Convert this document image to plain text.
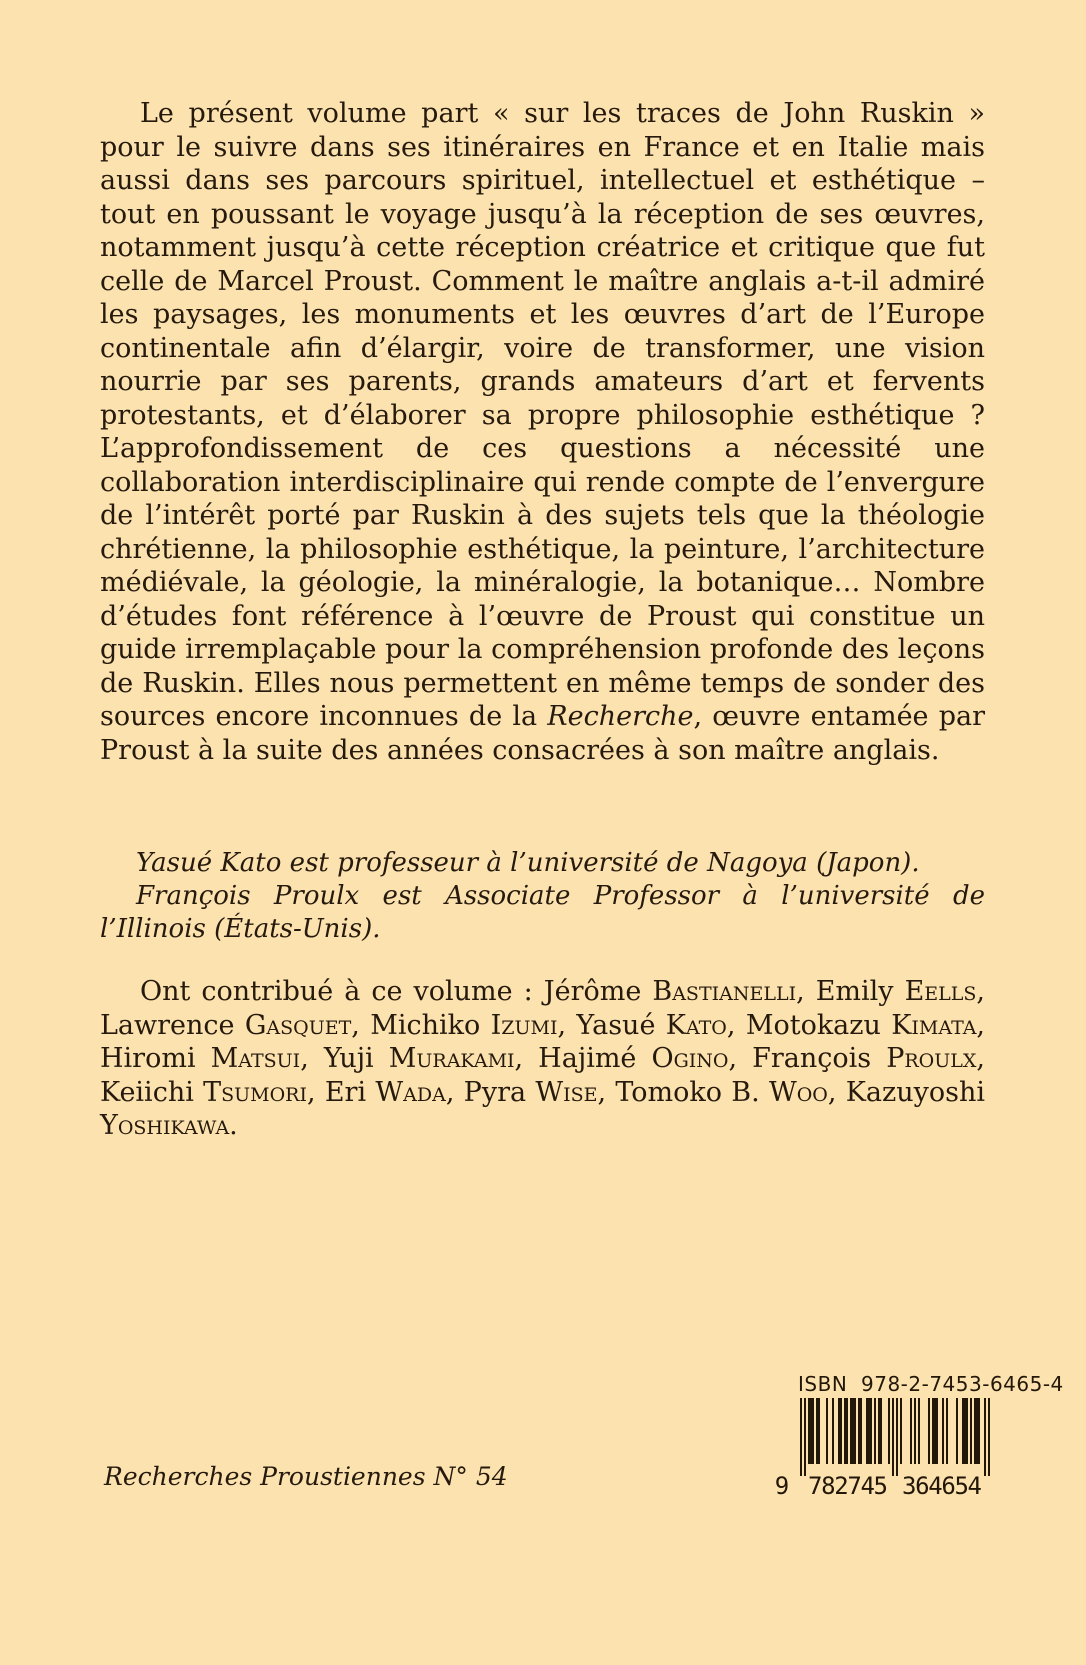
Le présent volume part « sur les traces de John Ruskin » pour le suivre dans ses itinéraires en France et en Italie mais aussi dans ses parcours spirituel, intellectuel et esthétique – tout en poussant le voyage jusqu’à la réception de ses œuvres, notamment jusqu’à cette réception créatrice et critique que fut celle de Marcel Proust. Comment le maître anglais a-t-il admiré les paysages, les monuments et les œuvres d’art de l’Europe continentale afin d’élargir, voire de transformer, une vision nourrie par ses parents, grands amateurs d’art et fervents protestants, et d’élaborer sa propre philosophie esthétique ? L’approfondissement de ces questions a nécessité une collaboration interdisciplinaire qui rende compte de l’envergure de l’intérêt porté par Ruskin à des sujets tels que la théologie chrétienne, la philosophie esthétique, la peinture, l’architecture médiévale, la géologie, la minéralogie, la botanique… Nombre d’études font référence à l’œuvre de Proust qui constitue un guide irremplaçable pour la compréhension profonde des leçons de Ruskin. Elles nous permettent en même temps de sonder des sources encore inconnues de la Recherche, œuvre entamée par Proust à la suite des années consacrées à son maître anglais.

Yasué Kato est professeur à l’université de Nagoya (Japon).

François Proulx est Associate Professor à l’université de l’Illinois (États-Unis).

Ont contribué à ce volume : Jérôme Bastianelli, Emily Eells, Lawrence Gasquet, Michiko Izumi, Yasué Kato, Motokazu Kimata, Hiromi Matsui, Yuji Murakami, Hajimé Ogino, François Proulx, Keiichi Tsumori, Eri Wada, Pyra Wise, Tomoko B. Woo, Kazuyoshi Yoshikawa.

Recherches Proustiennes N° 54
ISBN  978-2-7453-6465-4
9 782745 364654
